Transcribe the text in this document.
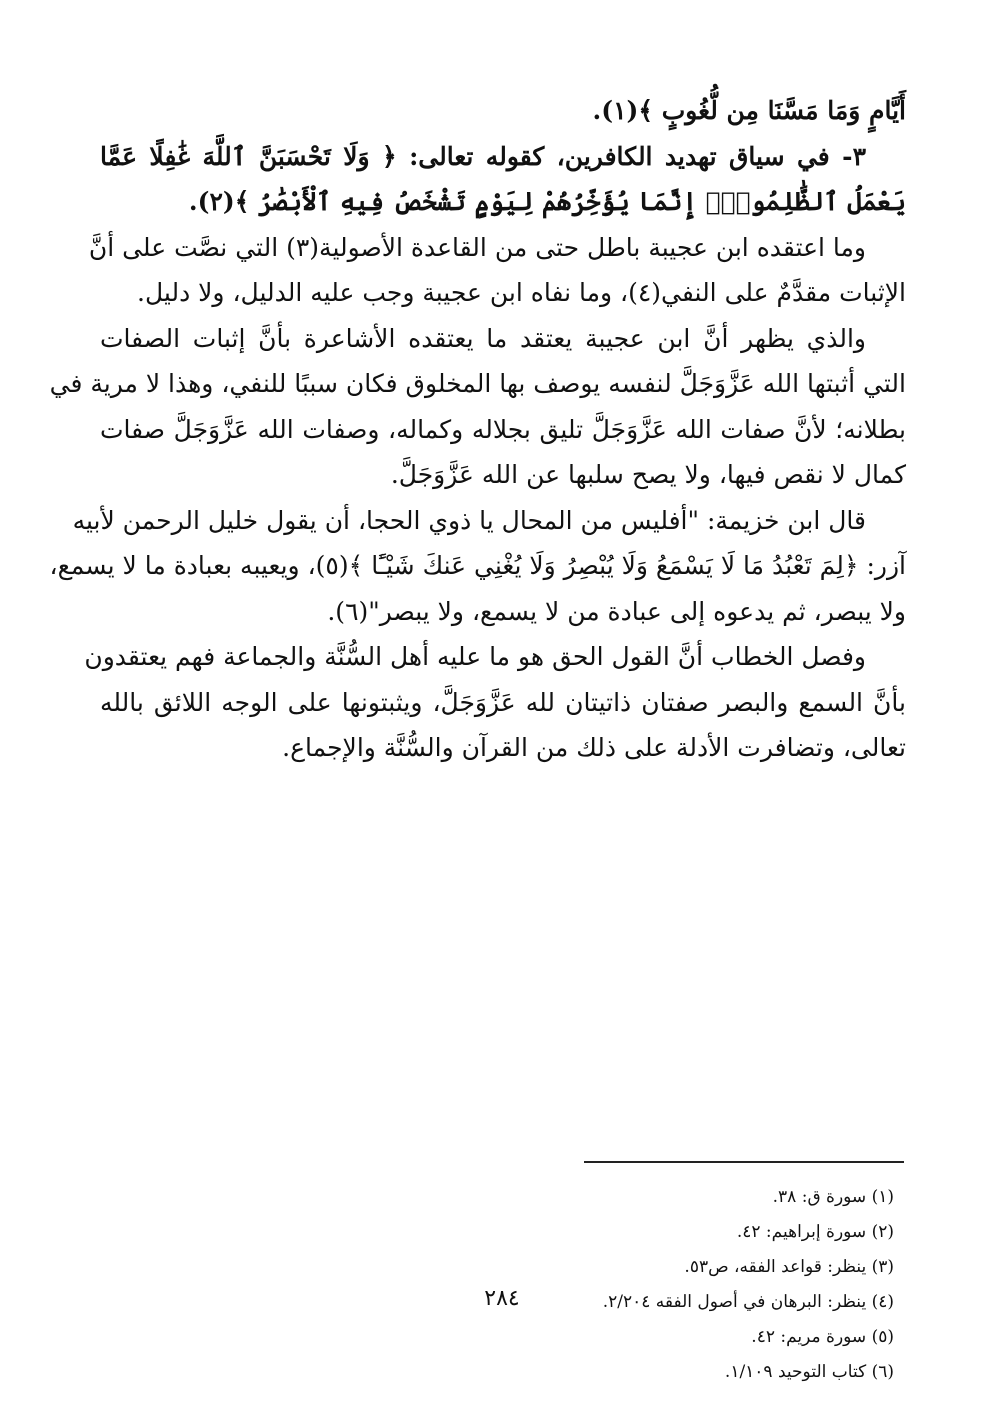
أَيَّامٍ وَمَا مَسَّنَا مِن لُّغُوبٍ ﴾(١).
٣- في سياق تهديد الكافرين، كقوله تعالى: ﴿ وَلَا تَحْسَبَنَّ ٱللَّهَ غَٰفِلًا عَمَّا
يَعْمَلُ ٱلظَّٰلِمُونَۚ إِنَّمَا يُؤَخِّرُهُمْ لِيَوْمٍ تَشْخَصُ فِيهِ ٱلْأَبْصَٰرُ ﴾(٢).
وما اعتقده ابن عجيبة باطل حتى من القاعدة الأصولية(٣) التي نصَّت على أنَّ
الإثبات مقدَّمٌ على النفي(٤)، وما نفاه ابن عجيبة وجب عليه الدليل، ولا دليل.
والذي يظهر أنَّ ابن عجيبة يعتقد ما يعتقده الأشاعرة بأنَّ إثبات الصفات
التي أثبتها الله عَزَّوَجَلَّ لنفسه يوصف بها المخلوق فكان سببًا للنفي، وهذا لا مرية في
بطلانه؛ لأنَّ صفات الله عَزَّوَجَلَّ تليق بجلاله وكماله، وصفات الله عَزَّوَجَلَّ صفات
كمال لا نقص فيها، ولا يصح سلبها عن الله عَزَّوَجَلَّ.
قال ابن خزيمة: "أفليس من المحال يا ذوي الحجا، أن يقول خليل الرحمن لأبيه
آزر: ﴿لِمَ تَعْبُدُ مَا لَا يَسْمَعُ وَلَا يُبْصِرُ وَلَا يُغْنِي عَنكَ شَيْـًٔا ﴾(٥)، ويعيبه بعبادة ما لا يسمع،
ولا يبصر، ثم يدعوه إلى عبادة من لا يسمع، ولا يبصر"(٦).
وفصل الخطاب أنَّ القول الحق هو ما عليه أهل السُّنَّة والجماعة فهم يعتقدون
بأنَّ السمع والبصر صفتان ذاتيتان لله عَزَّوَجَلَّ، ويثبتونها على الوجه اللائق بالله
تعالى، وتضافرت الأدلة على ذلك من القرآن والسُّنَّة والإجماع.
(١) سورة ق: ٣٨.
(٢) سورة إبراهيم: ٤٢.
(٣) ينظر: قواعد الفقه، ص٥٣.
(٤) ينظر: البرهان في أصول الفقه ٢/٢٠٤.
(٥) سورة مريم: ٤٢.
(٦) كتاب التوحيد ١/١٠٩.
٢٨٤
